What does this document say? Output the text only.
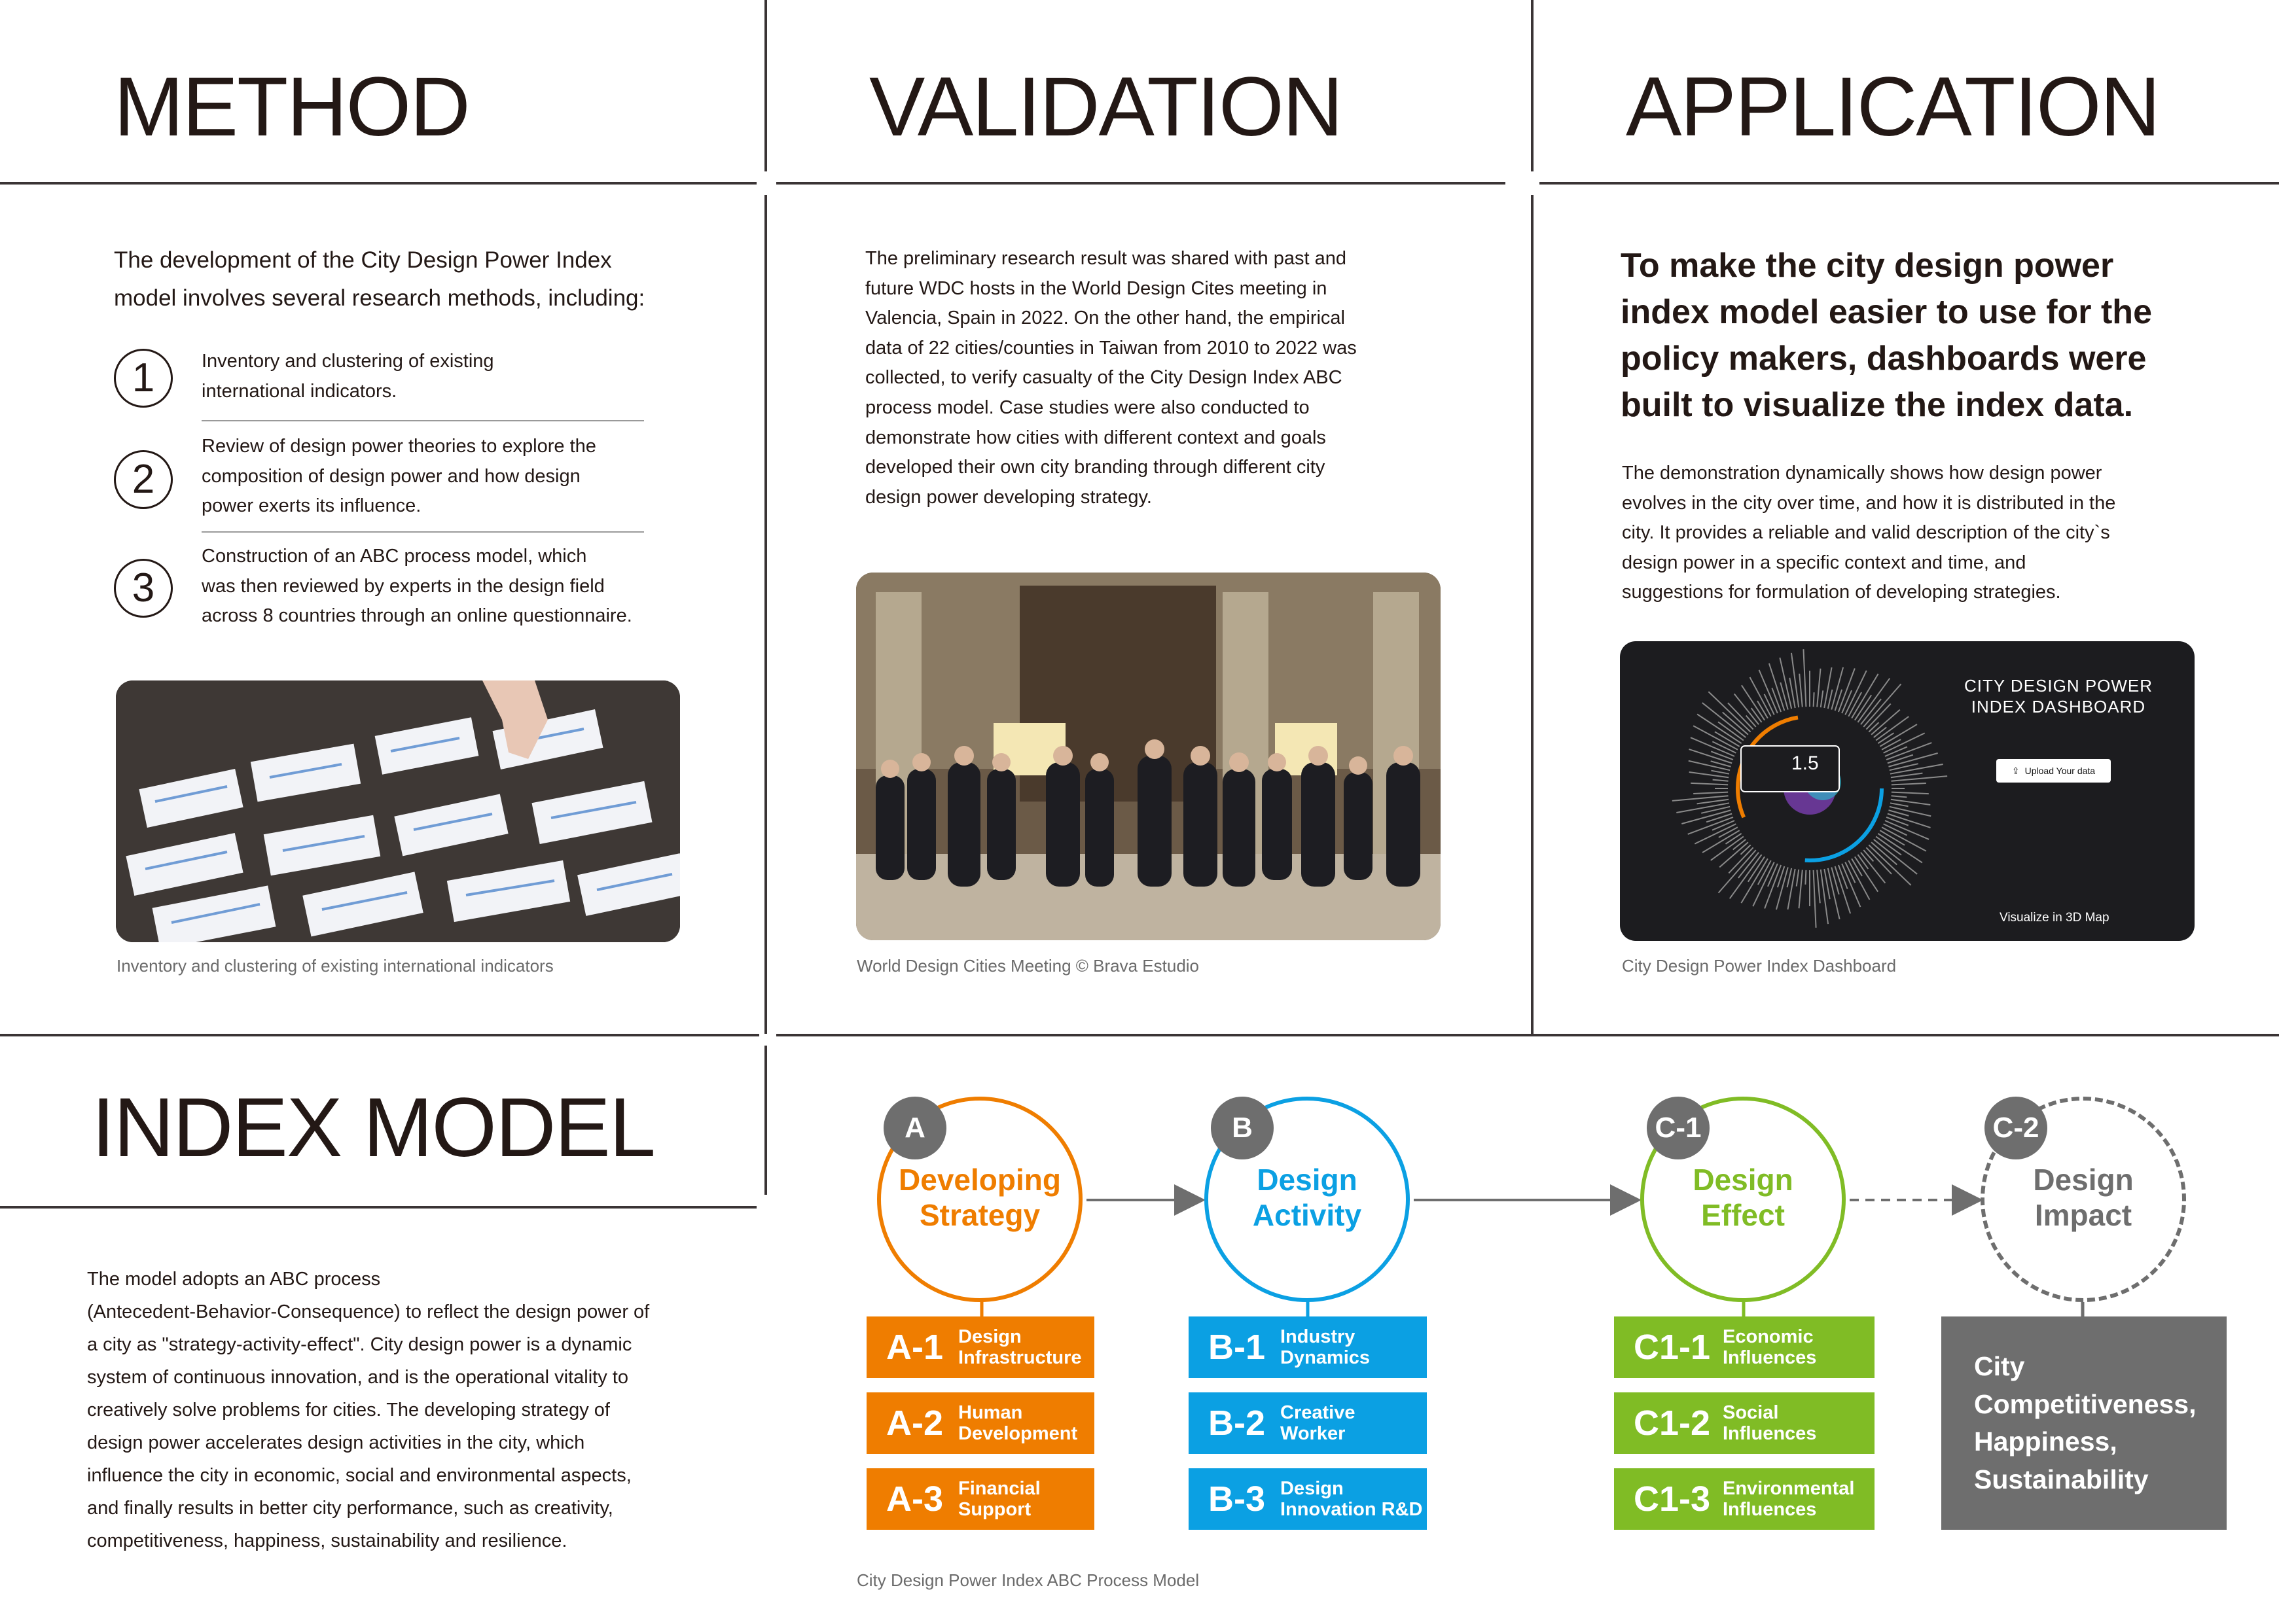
METHOD	VALIDATION	APPLICATION
INDEX MODEL
The development of the City Design Power Index
model involves several research methods, including:
1	Inventory and clustering of existing
international indicators.
2
Review of design power theories to explore the
composition of design power and how design
power exerts its influence.
3
Construction of an ABC process model, which
was then reviewed by experts in the design field
across 8 countries through an online questionnaire.
Inventory and clustering of existing international indicators
The preliminary research result was shared with past and
future WDC hosts in the World Design Cites meeting in
Valencia, Spain in 2022. On the other hand, the empirical
data of 22 cities/counties in Taiwan from 2010 to 2022 was
collected, to verify casualty of the City Design Index ABC
process model. Case studies were also conducted to
demonstrate how cities with different context and goals
developed their own city branding through different city
design power developing strategy.
World Design Cities Meeting © Brava Estudio
To make the city design power
index model easier to use for the
policy makers, dashboards were
built to visualize the index data.
The demonstration dynamically shows how design power
evolves in the city over time, and how it is distributed in the
city. It provides a reliable and valid description of the city`s
design power in a specific context and time, and
suggestions for formulation of developing strategies.
1.5
CITY DESIGN POWER
INDEX DASHBOARD
⇪ Upload Your data
Visualize in 3D Map
City Design Power Index Dashboard
The model adopts an ABC process
(Antecedent-Behavior-Consequence) to reflect the design power of
a city as "strategy-activity-effect". City design power is a dynamic
system of continuous innovation, and is the operational vitality to
creatively solve problems for cities. The developing strategy of
design power accelerates design activities in the city, which
influence the city in economic, social and environmental aspects,
and finally results in better city performance, such as creativity,
competitiveness, happiness, sustainability and resilience.
A
Developing
Strategy
B
Design
Activity
C-1
Design
Effect
C-2
Design
Impact
A-1 Design
Infrastructure
A-2 Human
Development
A-3 Financial
Support
B-1 Industry
Dynamics
B-2 Creative
Worker
B-3 Design
Innovation R&D
C1-1 Economic
Influences
C1-2 Social
Influences
C1-3 Environmental
Influences
City
Competitiveness,
Happiness,
Sustainability
City Design Power Index ABC Process Model
